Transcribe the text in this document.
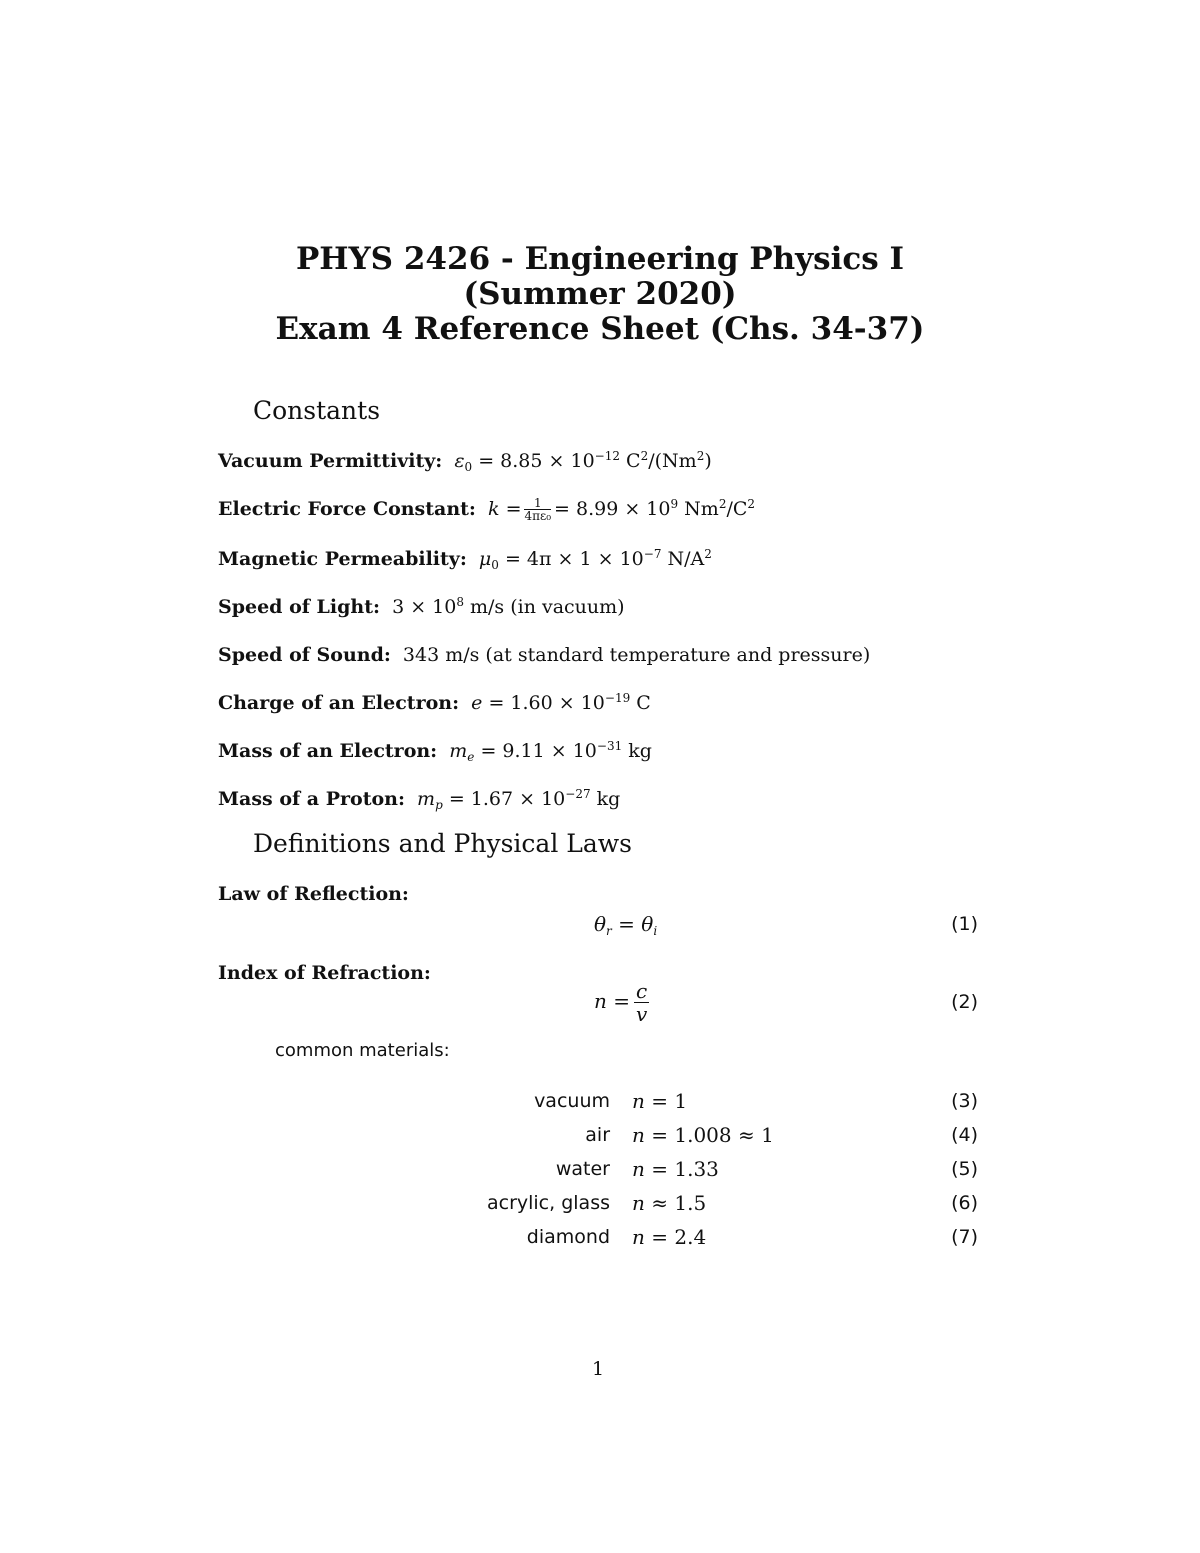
PHYS 2426 - Engineering Physics I
(Summer 2020)
Exam 4 Reference Sheet (Chs. 34-37)
Constants
Vacuum Permittivity: $\varepsilon_0 = 8.85 \times 10^{-12}$ $C^2/(Nm^2)$
Electric Force Constant: $k = \frac{1}{\text{4πε₀}} = 8.99 \times 10^9$ $Nm^2/C^2$
Magnetic Permeability: $\mu_0 = 4\pi \times 1 \times 10^{-7}$ $N/A^2$
Speed of Light: $3 \times 10^8$ m/s (in vacuum)
Speed of Sound: 343 m/s (at standard temperature and pressure)
Charge of an Electron: $e = 1.60 \times 10^{-19}$ C
Mass of an Electron: $m_e = 9.11 \times 10^{-31}$ kg
Mass of a Proton: $m_p = 1.67 \times 10^{-27}$ kg
Definitions and Physical Laws
Law of Reflection:
$\theta_r = \theta_i$	(1)
Index of Refraction:
$n = \frac{c}{v}$	(2)
common materials:
vacuum n = 1	(3)
air n = 1.008 ≈ 1	(4)
water n = 1.33	(5)
acrylic, glass n ≈ 1.5	(6)
diamond n = 2.4	(7)
1
